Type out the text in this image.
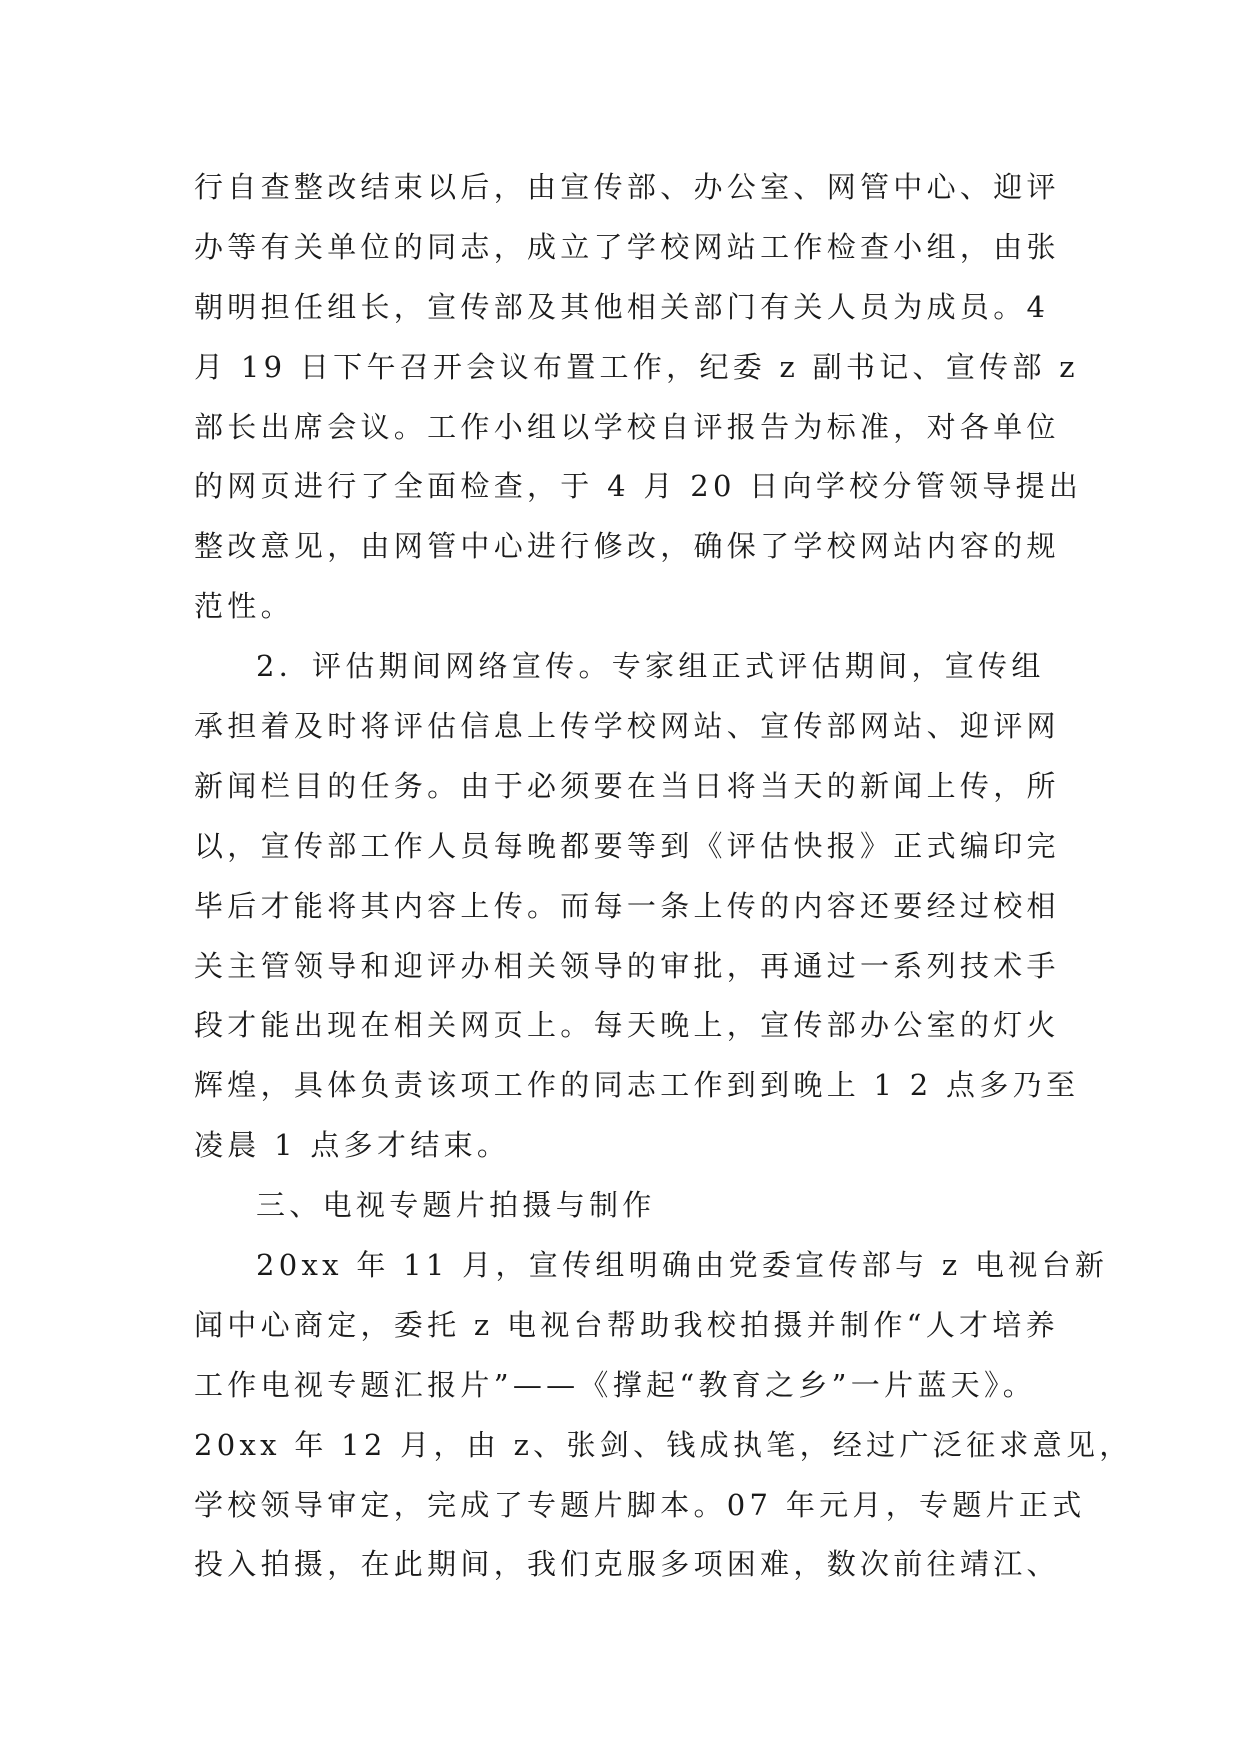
行自查整改结束以后，由宣传部、办公室、网管中心、迎评
办等有关单位的同志，成立了学校网站工作检查小组，由张
朝明担任组长，宣传部及其他相关部门有关人员为成员。4
月 19 日下午召开会议布置工作，纪委 z 副书记、宣传部 z
部长出席会议。工作小组以学校自评报告为标准，对各单位
的网页进行了全面检查，于 4 月 20 日向学校分管领导提出
整改意见，由网管中心进行修改，确保了学校网站内容的规
范性。
2．评估期间网络宣传。专家组正式评估期间，宣传组
承担着及时将评估信息上传学校网站、宣传部网站、迎评网
新闻栏目的任务。由于必须要在当日将当天的新闻上传，所
以，宣传部工作人员每晚都要等到《评估快报》正式编印完
毕后才能将其内容上传。而每一条上传的内容还要经过校相
关主管领导和迎评办相关领导的审批，再通过一系列技术手
段才能出现在相关网页上。每天晚上，宣传部办公室的灯火
辉煌，具体负责该项工作的同志工作到到晚上 1 2 点多乃至
凌晨 1 点多才结束。
三、电视专题片拍摄与制作
20xx 年 11 月，宣传组明确由党委宣传部与 z 电视台新
闻中心商定，委托 z 电视台帮助我校拍摄并制作“人才培养
工作电视专题汇报片”——《撑起“教育之乡”一片蓝天》。
20xx 年 12 月，由 z、张剑、钱成执笔，经过广泛征求意见，
学校领导审定，完成了专题片脚本。07 年元月，专题片正式
投入拍摄，在此期间，我们克服多项困难，数次前往靖江、
